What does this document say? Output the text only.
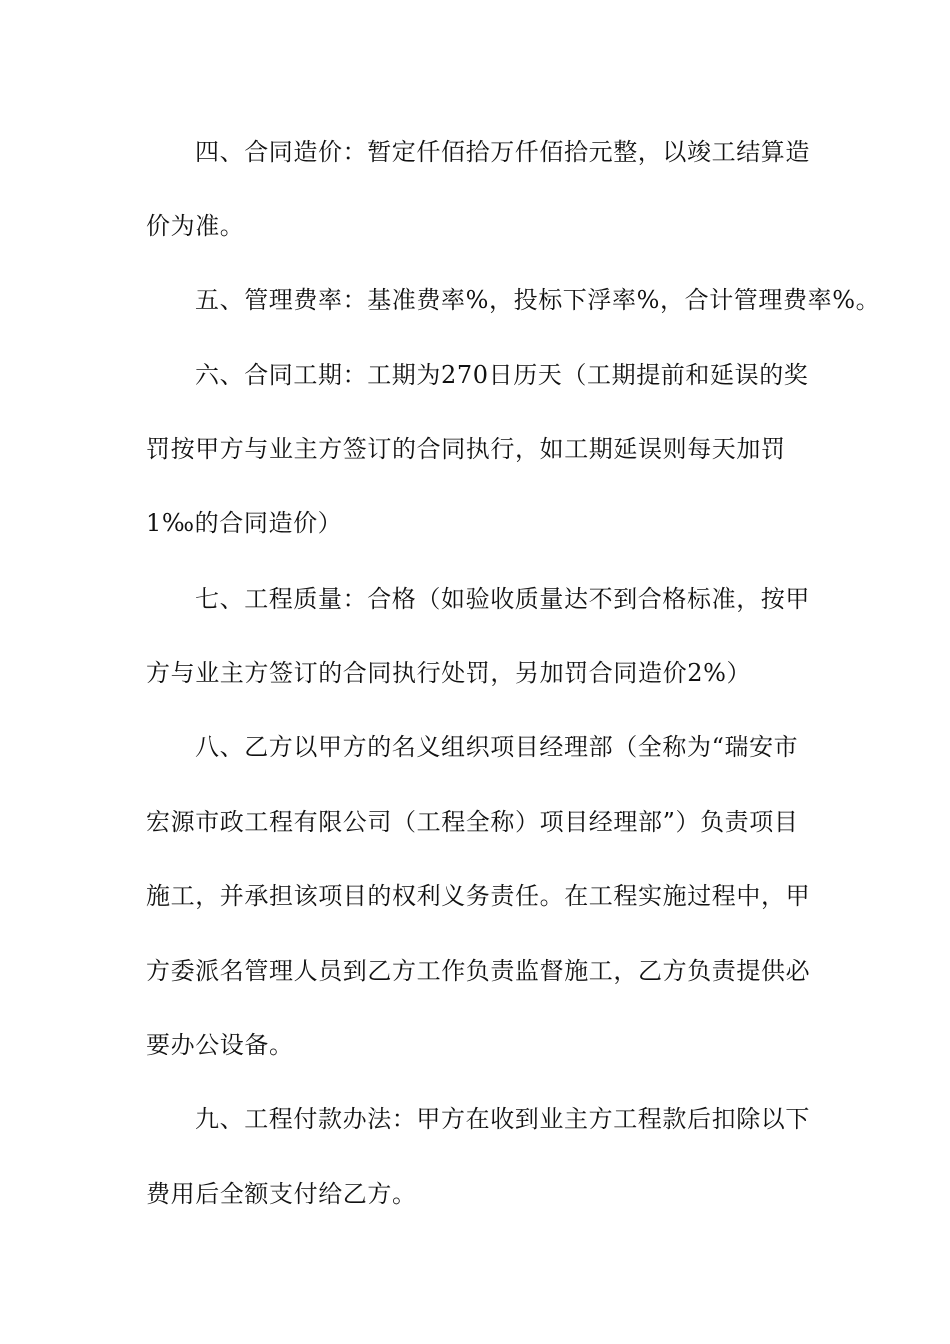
四、合同造价：暂定仟佰拾万仟佰拾元整，以竣工结算造
价为准。
五、管理费率：基准费率%，投标下浮率%，合计管理费率%。
六、合同工期：工期为270日历天（工期提前和延误的奖
罚按甲方与业主方签订的合同执行，如工期延误则每天加罚
1‰的合同造价）
七、工程质量：合格（如验收质量达不到合格标准，按甲
方与业主方签订的合同执行处罚，另加罚合同造价2%）
八、乙方以甲方的名义组织项目经理部（全称为“瑞安市
宏源市政工程有限公司（工程全称）项目经理部”）负责项目
施工，并承担该项目的权利义务责任。在工程实施过程中，甲
方委派名管理人员到乙方工作负责监督施工，乙方负责提供必
要办公设备。
九、工程付款办法：甲方在收到业主方工程款后扣除以下
费用后全额支付给乙方。
